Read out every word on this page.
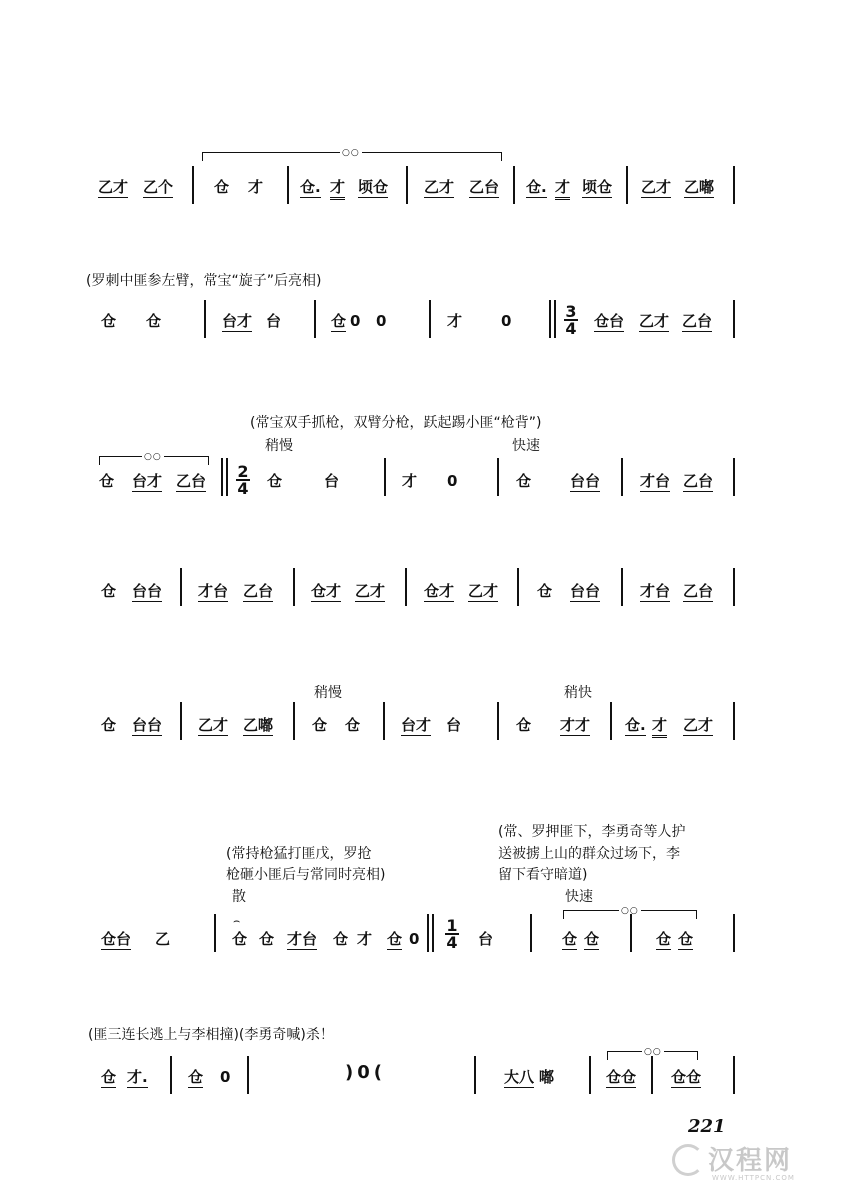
○○
乙才 乙个	仓 才 仓. 才 顷仓 乙才 乙台 仓. 才 顷仓 乙才 乙嘟
(罗刺中匪参左臂，常宝“旋子”后亮相)
仓 仓	台才 台	仓 0 0	才	0	$\frac{3}{4}$ 仓台 乙才 乙台
(常宝双手抓枪，双臂分枪，跃起踢小匪“枪背”)
稍慢	快速
○○
仓 台才 乙台 $\frac{2}{4}$ 仓	台	才 0	仓	台台	才台 乙台
仓 台台 才台 乙台	仓才 乙才	仓才 乙才	仓 台台	才台 乙台
稍慢	稍快
仓 台台 乙才 乙嘟	仓 仓	台才 台	仓 才才 仓. 才 乙才
(常持枪猛打匪戊，罗抢
枪砸小匪后与常同时亮相)
(常、罗押匪下，李勇奇等人护
送被掳上山的群众过场下，李
留下看守暗道)
散	快速
○○
⌢
仓台 乙	仓 仓 才台 仓 才 仓 $0 \frac{1}{4}$ 台	仓 仓	仓 仓
(匪三连长逃上与李相撞)(李勇奇喊)杀！
○○
仓 才.	仓 0	)0(	大八 嘟	仓仓 仓仓
221
汉程网
WWW.HTTPCN.COM
